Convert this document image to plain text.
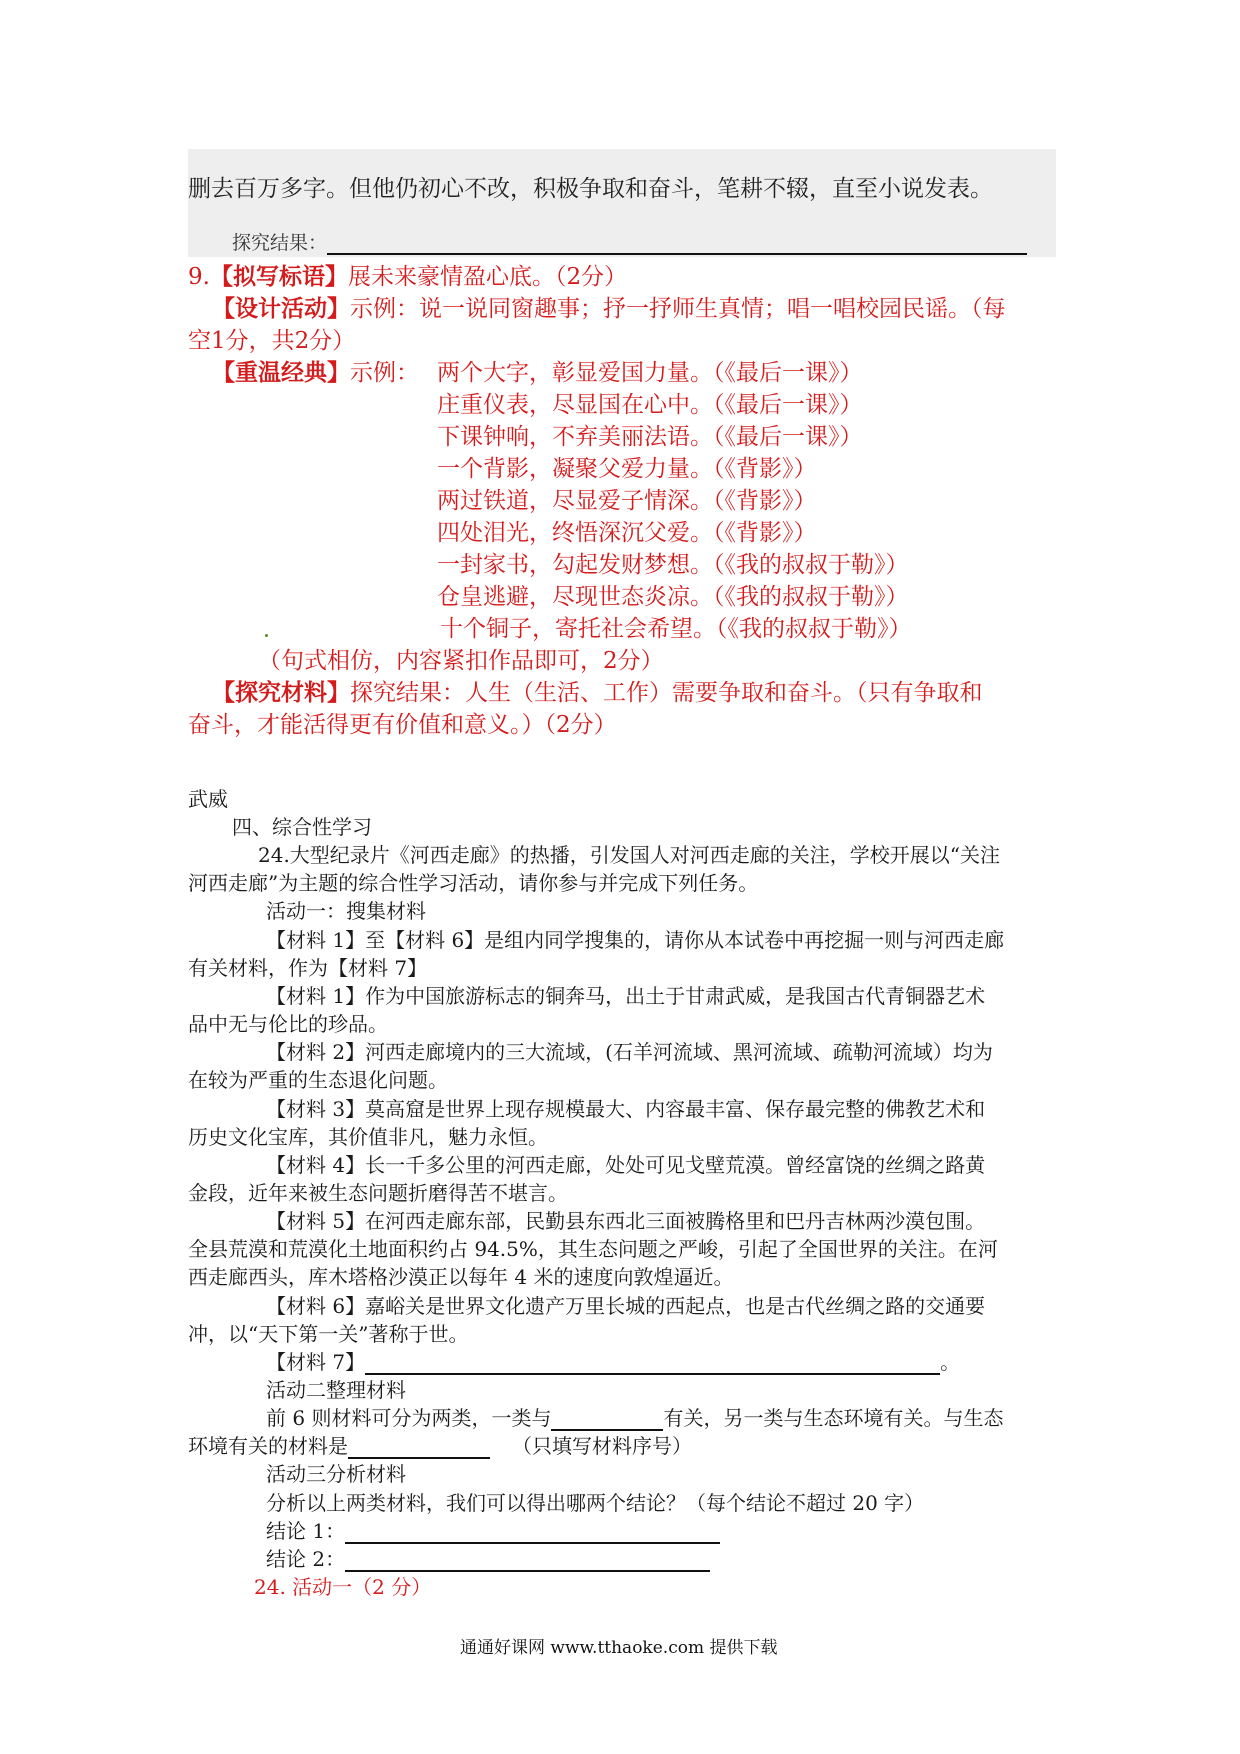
删去百万多字。但他仍初心不改，积极争取和奋斗，笔耕不辍，直至小说发表。
探究结果：
9.【拟写标语】展未来豪情盈心底。（2分）
【设计活动】示例：说一说同窗趣事；抒一抒师生真情；唱一唱校园民谣。（每
空1分，共2分）
【重温经典】示例： 两个大字，彰显爱国力量。（《最后一课》）
庄重仪表，尽显国在心中。（《最后一课》）
下课钟响，不弃美丽法语。（《最后一课》）
一个背影，凝聚父爱力量。（《背影》）
两过铁道，尽显爱子情深。（《背影》）
四处泪光，终悟深沉父爱。（《背影》）
一封家书，勾起发财梦想。（《我的叔叔于勒》）
仓皇逃避，尽现世态炎凉。（《我的叔叔于勒》）
十个铜子，寄托社会希望。（《我的叔叔于勒》）
（句式相仿，内容紧扣作品即可，2分）
【探究材料】探究结果：人生（生活、工作）需要争取和奋斗。（只有争取和
奋斗，才能活得更有价值和意义。）（2分）
武威
四、综合性学习
24.大型纪录片《河西走廊》的热播，引发国人对河西走廊的关注，学校开展以“关注
河西走廊”为主题的综合性学习活动，请你参与并完成下列任务。
活动一：搜集材料
【材料 1】至【材料 6】是组内同学搜集的，请你从本试卷中再挖掘一则与河西走廊
有关材料，作为【材料 7】
【材料 1】作为中国旅游标志的铜奔马，出土于甘肃武威，是我国古代青铜器艺术
品中无与伦比的珍品。
【材料 2】河西走廊境内的三大流域，(石羊河流域、黑河流域、疏勒河流域）均为
在较为严重的生态退化问题。
【材料 3】莫高窟是世界上现存规模最大、内容最丰富、保存最完整的佛教艺术和
历史文化宝库，其价值非凡，魅力永恒。
【材料 4】长一千多公里的河西走廊，处处可见戈壁荒漠。曾经富饶的丝绸之路黄
金段，近年来被生态问题折磨得苦不堪言。
【材料 5】在河西走廊东部，民勤县东西北三面被腾格里和巴丹吉林两沙漠包围。
全县荒漠和荒漠化土地面积约占 94.5%，其生态问题之严峻，引起了全国世界的关注。在河
西走廊西头，库木塔格沙漠正以每年 4 米的速度向敦煌逼近。
【材料 6】嘉峪关是世界文化遗产万里长城的西起点，也是古代丝绸之路的交通要
冲，以“天下第一关”著称于世。
【材料 7】	。
活动二整理材料
前 6 则材料可分为两类，一类与	有关，另一类与生态环境有关。与生态
环境有关的材料是	（只填写材料序号）
活动三分析材料
分析以上两类材料，我们可以得出哪两个结论？（每个结论不超过 20 字）
结论 1：
结论 2：
24. 活动一（2 分）
通通好课网 www.tthaoke.com 提供下载
